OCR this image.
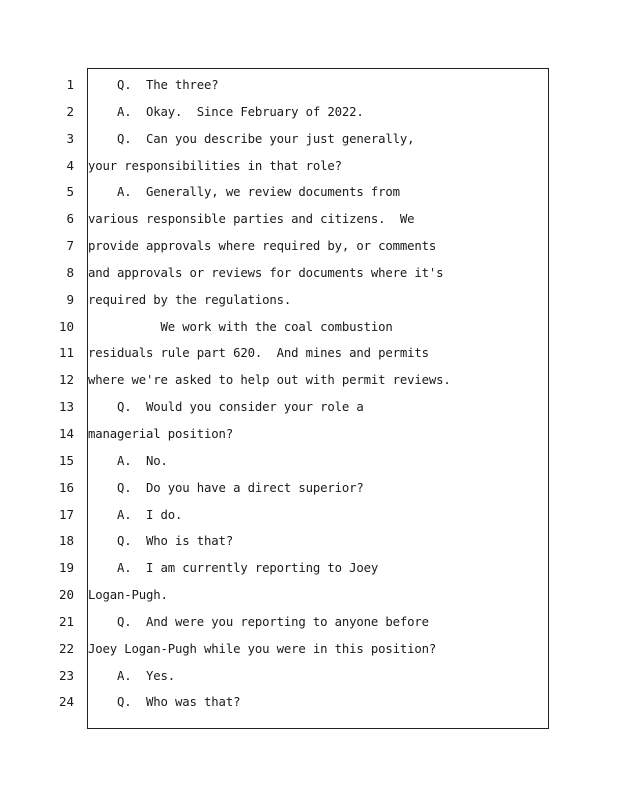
1
2
3
4
5
6
7
8
9
10
11
12
13
14
15
16
17
18
19
20
21
22
23
24
Q.  The three?
A.  Okay.  Since February of 2022.
Q.  Can you describe your just generally,
your responsibilities in that role?
A.  Generally, we review documents from
various responsible parties and citizens.  We
provide approvals where required by, or comments
and approvals or reviews for documents where it's
required by the regulations.
We work with the coal combustion
residuals rule part 620.  And mines and permits
where we're asked to help out with permit reviews.
Q.  Would you consider your role a
managerial position?
A.  No.
Q.  Do you have a direct superior?
A.  I do.
Q.  Who is that?
A.  I am currently reporting to Joey
Logan-Pugh.
Q.  And were you reporting to anyone before
Joey Logan-Pugh while you were in this position?
A.  Yes.
Q.  Who was that?
